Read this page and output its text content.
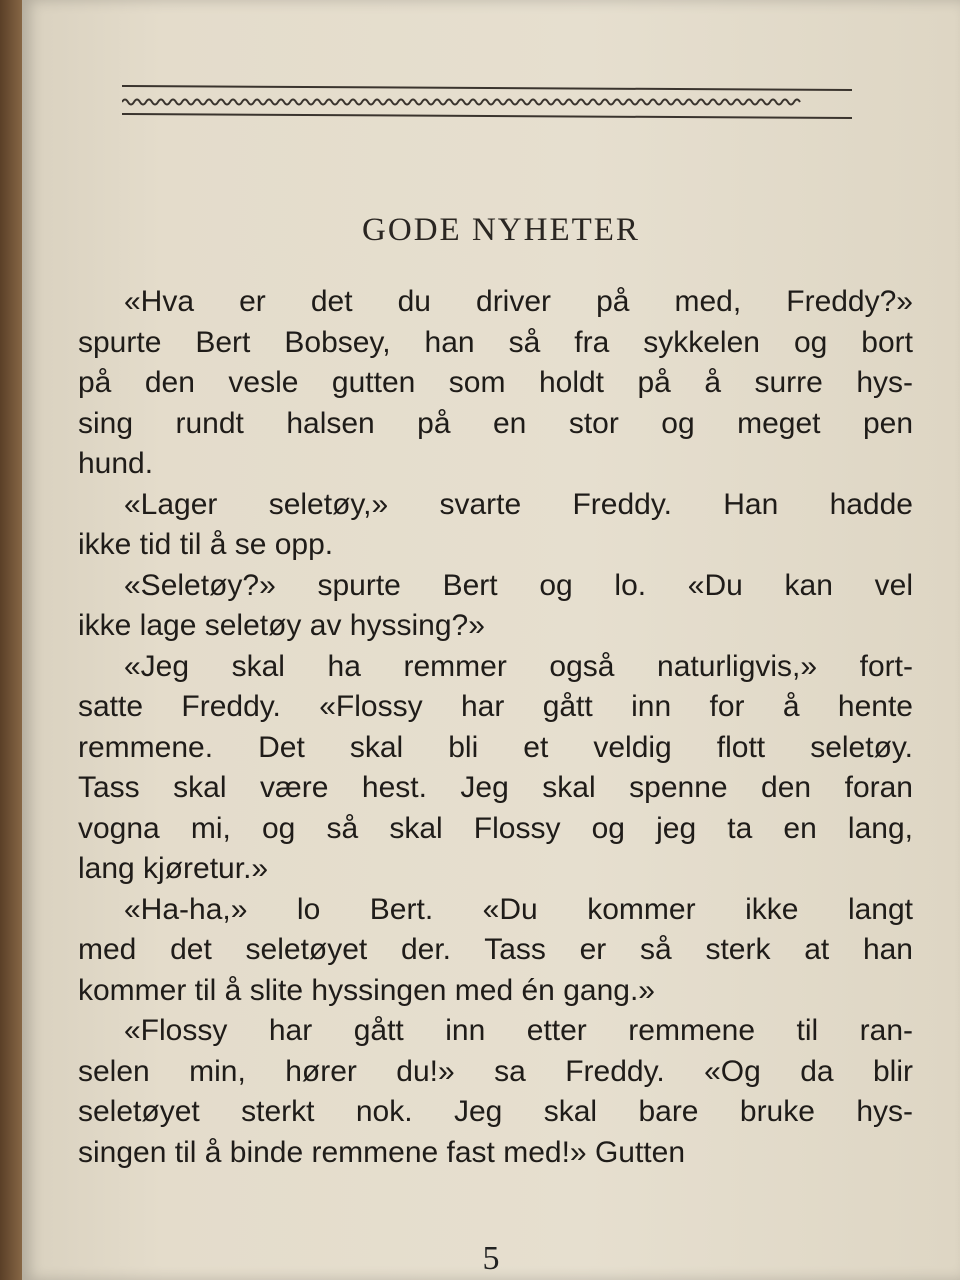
GODE NYHETER
«Hva er det du driver på med, Freddy?»
spurte Bert Bobsey, han så fra sykkelen og bort
på den vesle gutten som holdt på å surre hys-
sing rundt halsen på en stor og meget pen
hund.
«Lager seletøy,» svarte Freddy. Han hadde
ikke tid til å se opp.
«Seletøy?» spurte Bert og lo. «Du kan vel
ikke lage seletøy av hyssing?»
«Jeg skal ha remmer også naturligvis,» fort-
satte Freddy. «Flossy har gått inn for å hente
remmene. Det skal bli et veldig flott seletøy.
Tass skal være hest. Jeg skal spenne den foran
vogna mi, og så skal Flossy og jeg ta en lang,
lang kjøretur.»
«Ha-ha,» lo Bert. «Du kommer ikke langt
med det seletøyet der. Tass er så sterk at han
kommer til å slite hyssingen med én gang.»
«Flossy har gått inn etter remmene til ran-
selen min, hører du!» sa Freddy. «Og da blir
seletøyet sterkt nok. Jeg skal bare bruke hys-
singen til å binde remmene fast med!» Gutten
5
